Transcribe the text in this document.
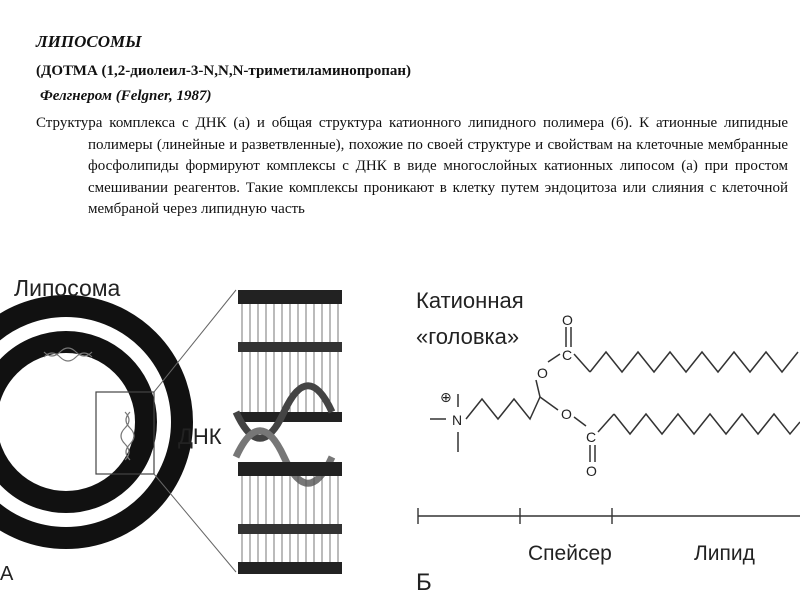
ЛИПОСОМЫ
(ДОТМА (1,2-диолеил-3-N,N,N-триметиламинопропан)
Фелгнером (Felgner, 1987)

Структура комплекса с ДНК (а) и общая структура катионного липидного полимера (б). К атионные липидные полимеры (линейные и разветвленные), похожие по своей структуре и свойствам на клеточные мембранные фосфолипиды формируют комплексы с ДНК в виде многослойных катионных липосом (а) при простом смешивании реагентов. Такие комплексы проникают в клетку путем эндоцитоза или слияния с клеточной мембраной через липидную часть

Липосома
А
ДНК
Катионная
«головка»
⊕
N
O
C
O
O
C
O
Спейсер	Липид
Б
